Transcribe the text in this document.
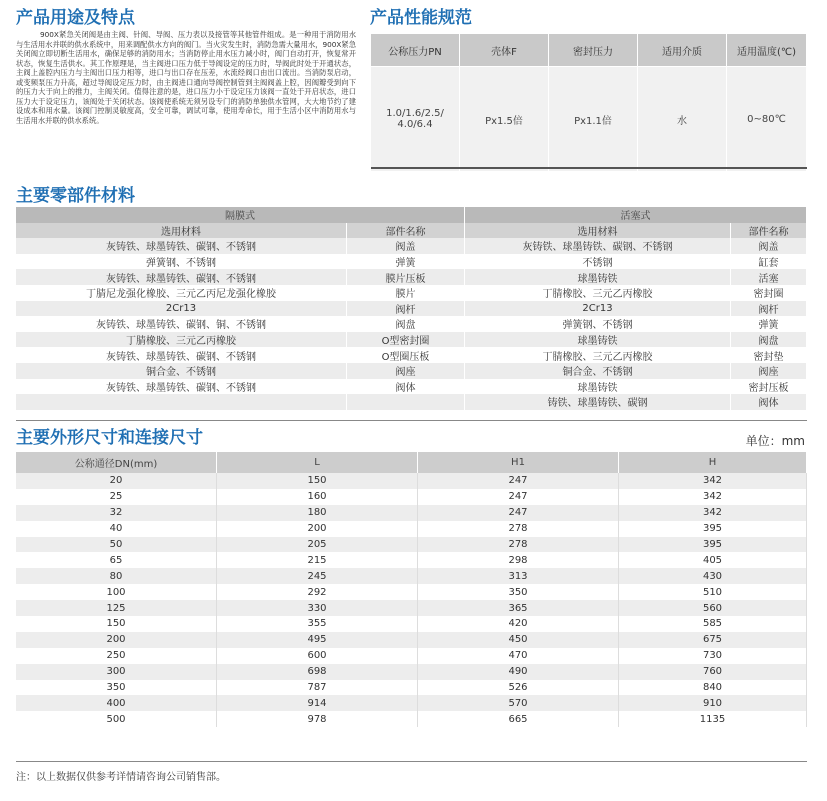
产品用途及特点

900X紧急关闭阀是由主阀、针阀、导阀、压力表以及接管等其他管件组成。是一种用于消防用水与生活用水并联的供水系统中，用来调配供水方向的阀门。当火灾发生时，消防急需大量用水，900X紧急关闭阀立即切断生活用水，确保足够的消防用水；当消防停止用水压力减小时，阀门自动打开，恢复常开状态，恢复生活供水。其工作原理是，当主阀进口压力低于导阀设定的压力时，导阀此时处于开通状态，主阀上盖腔内压力与主阀出口压力相等，进口与出口存在压差，水流经阀口由出口流出。当消防泵启动，或变频泵压力升高，超过导阀设定压力时，由主阀进口通向导阀控制管到主阀阀盖上腔，因阀瓣受到向下的压力大于向上的推力，主阀关闭。值得注意的是，进口压力小于设定压力该阀一直处于开启状态，进口压力大于设定压力，该阀处于关闭状态。该阀使系统无须另设专门的消防单独供水管网，大大地节约了建设成本和用水量。该阀门控制灵敏度高，安全可靠，调试可靠，使用寿命长，用于生活小区中消防用水与生活用水并联的供水系统。

产品性能规范
公称压力PN	壳体F	密封压力	适用介质	适用温度(℃)
1.0/1.6/2.5/
4.0/6.4	Px1.5倍	Px1.1倍	水	0~80℃
主要零部件材料
隔膜式		活塞式	
选用材料	部件名称	选用材料	部件名称
灰铸铁、球墨铸铁、碳钢、不锈钢	阀盖	灰铸铁、球墨铸铁、碳钢、不锈钢	阀盖
弹簧钢、不锈钢	弹簧	不锈钢	缸套
灰铸铁、球墨铸铁、碳钢、不锈钢	膜片压板	球墨铸铁	活塞
丁腈尼龙强化橡胶、三元乙丙尼龙强化橡胶	膜片	丁腈橡胶、三元乙丙橡胶	密封圈
2Cr13	阀杆	2Cr13	阀杆
灰铸铁、球墨铸铁、碳钢、铜、不锈钢	阀盘	弹簧钢、不锈钢	弹簧
丁腈橡胶、三元乙丙橡胶	O型密封圈	球墨铸铁	阀盘
灰铸铁、球墨铸铁、碳钢、不锈钢	O型圈压板	丁腈橡胶、三元乙丙橡胶	密封垫
铜合金、不锈钢	阀座	铜合金、不锈钢	阀座
灰铸铁、球墨铸铁、碳钢、不锈钢	阀体	球墨铸铁	密封压板
		铸铁、球墨铸铁、碳钢	阀体
主要外形尺寸和连接尺寸	单位：mm
公称通径DN(mm)	L	H1	H
20	150	247	342
25	160	247	342
32	180	247	342
40	200	278	395
50	205	278	395
65	215	298	405
80	245	313	430
100	292	350	510
125	330	365	560
150	355	420	585
200	495	450	675
250	600	470	730
300	698	490	760
350	787	526	840
400	914	570	910
500	978	665	1135
注：以上数据仅供参考详情请咨询公司销售部。
